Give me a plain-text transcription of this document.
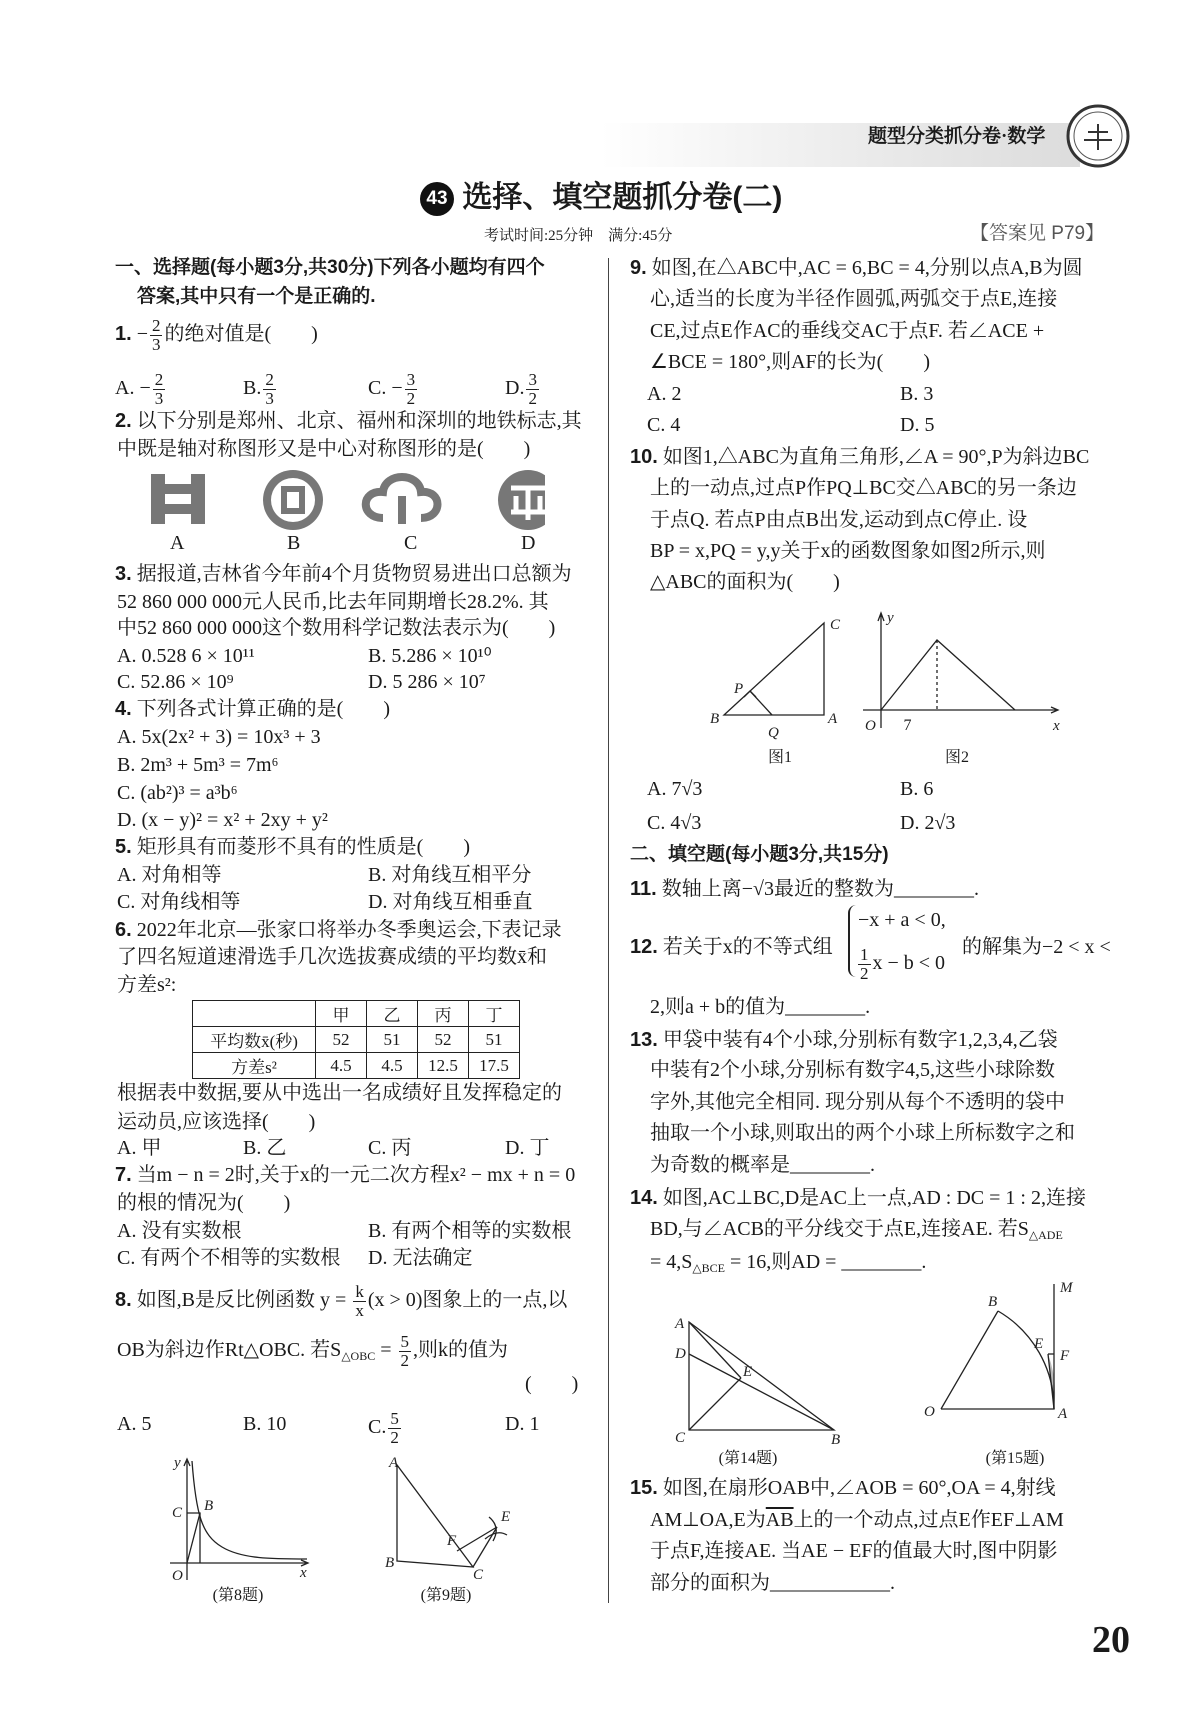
题型分类抓分卷·数学
43 选择、填空题抓分卷(二)
考试时间:25分钟　满分:45分	【答案见 P79】
一、选择题(每小题3分,共30分)下列各小题均有四个
答案,其中只有一个是正确的.
1. − $\frac{2}{3}$ 的绝对值是(　　)
A. − $\frac{2}{3}$	B. $\frac{2}{3}$	C. − $\frac{3}{2}$	D. $\frac{3}{2}$
2. 以下分别是郑州、北京、福州和深圳的地铁标志,其
中既是轴对称图形又是中心对称图形的是(　　)
A	B	C	D
3. 据报道,吉林省今年前4个月货物贸易进出口总额为
52 860 000 000元人民币,比去年同期增长28.2%. 其
中52 860 000 000这个数用科学记数法表示为(　　)
A. 0.528 6 × 10¹¹	B. 5.286 × 10¹⁰
C. 52.86 × 10⁹	D. 5 286 × 10⁷
4. 下列各式计算正确的是(　　)
A. 5x(2x² + 3) = 10x³ + 3
B. 2m³ + 5m³ = 7m⁶
C. (ab²)³ = a³b⁶
D. (x − y)² = x² + 2xy + y²
5. 矩形具有而菱形不具有的性质是(　　)
A. 对角相等	B. 对角线互相平分
C. 对角线相等	D. 对角线互相垂直
6. 2022年北京—张家口将举办冬季奥运会,下表记录
了四名短道速滑选手几次选拔赛成绩的平均数x̄和
方差s²:
	甲	乙	丙	丁
平均数x̄(秒)	52	51	52	51
方差s²	4.5	4.5	12.5	17.5
根据表中数据,要从中选出一名成绩好且发挥稳定的
运动员,应该选择(　　)
A. 甲	B. 乙	C. 丙	D. 丁
7. 当m − n = 2时,关于x的一元二次方程x² − mx + n = 0
的根的情况为(　　)
A. 没有实数根	B. 有两个相等的实数根
C. 有两个不相等的实数根 D. 无法确定
8. 如图,B是反比例函数 $y = \frac{k}{x} (x > 0)$图象上的一点,以
OB为斜边作Rt△OBC. 若$S_{\triangle OBC} = \frac{5}{2}$ ,则k的值为
(　　)
A. 5	B. 10	C. $\frac{5}{2}$	D. 1
y
C B
O	x
A
B
F
E
C
(第8题)	(第9题)
9. 如图,在△ABC中,AC = 6,BC = 4,分别以点A,B为圆
心,适当的长度为半径作圆弧,两弧交于点E,连接
CE,过点E作AC的垂线交AC于点F. 若∠ACE +
∠BCE = 180°,则AF的长为(　　)
A. 2	B. 3
C. 4	D. 5
10. 如图1,△ABC为直角三角形,∠A = 90°,P为斜边BC
上的一动点,过点P作PQ⊥BC交△ABC的另一条边
于点Q. 若点P由点B出发,运动到点C停止. 设
BP = x,PQ = y,y关于x的函数图象如图2所示,则
△ABC的面积为(　　)
C
P
B
Q
A
y
O 7	x
图1	图2
A. 7√3	B. 6
C. 4√3	D. 2√3
二、填空题(每小题3分,共15分)
11. 数轴上离−√3最近的整数为________.
12. 若关于x的不等式组
−x + a < 0,
$\frac{1}{2}$ x − b < 0
的解集为−2 < x <
2,则a + b的值为________.
13. 甲袋中装有4个小球,分别标有数字1,2,3,4,乙袋
中装有2个小球,分别标有数字4,5,这些小球除数
字外,其他完全相同. 现分别从每个不透明的袋中
抽取一个小球,则取出的两个小球上所标数字之和
为奇数的概率是________.
14. 如图,AC⊥BC,D是AC上一点,AD : DC = 1 : 2,连接
BD,与∠ACB的平分线交于点E,连接AE. 若$S_{\triangle ADE}$
= $4,S_{\triangle BCE} = 16$,则AD = ________.
A
D
E
C	B
B
M
E
F
O	A
(第14题)	(第15题)
15. 如图,在扇形OAB中,∠AOB = 60°,OA = 4,射线
AM⊥OA,E为$\overline{AB}$上的一个动点,过点E作EF⊥AM
于点F,连接AE. 当AE − EF的值最大时,图中阴影
部分的面积为____________.
20
